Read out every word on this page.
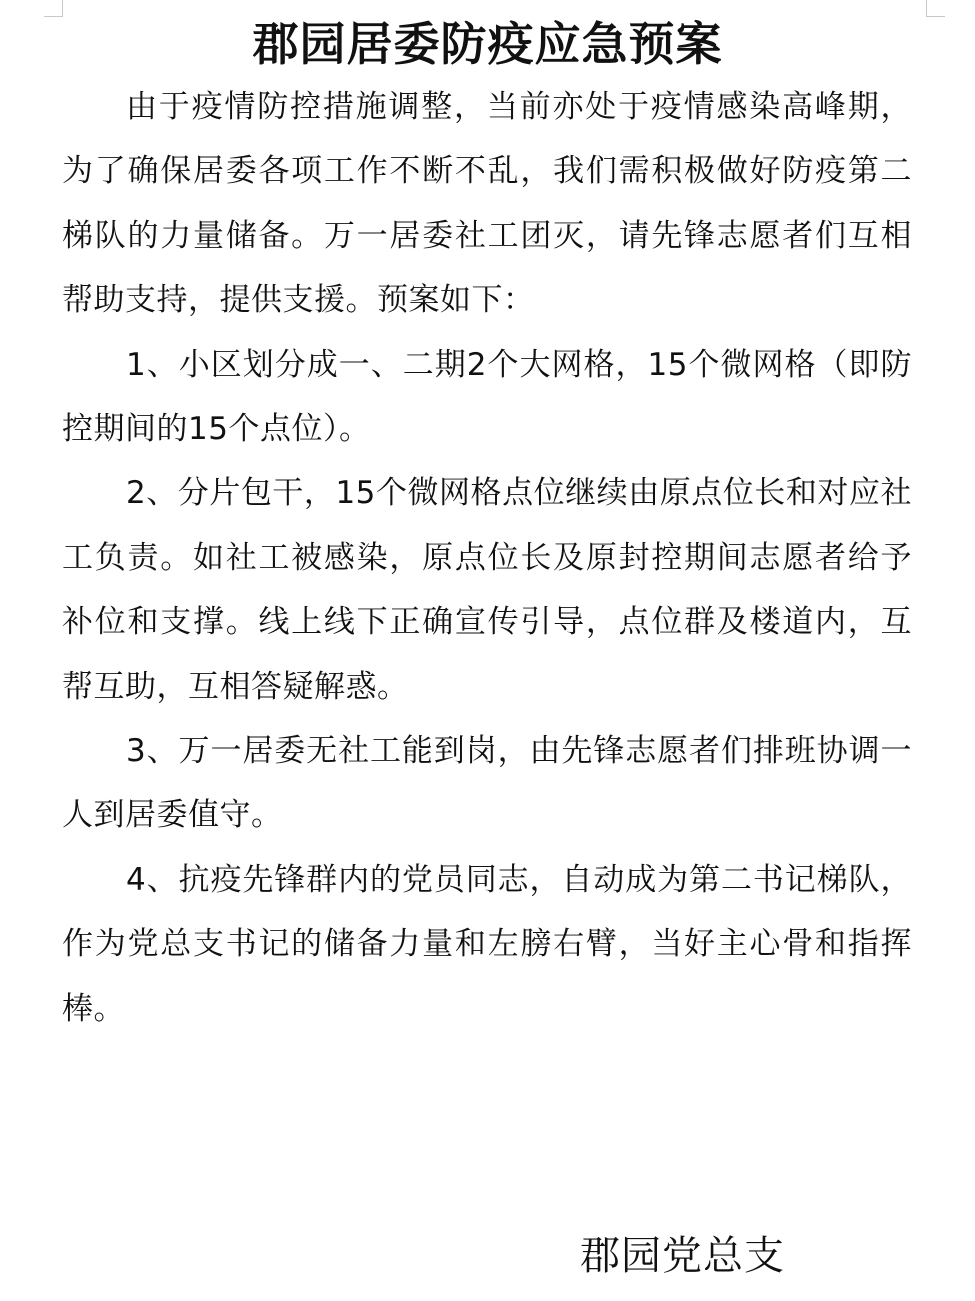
郡园居委防疫应急预案

由于疫情防控措施调整，当前亦处于疫情感染高峰期，为了确保居委各项工作不断不乱，我们需积极做好防疫第二梯队的力量储备。万一居委社工团灭，请先锋志愿者们互相帮助支持，提供支援。预案如下：

1、小区划分成一、二期2个大网格，15个微网格（即防控期间的15个点位）。

2、分片包干，15个微网格点位继续由原点位长和对应社工负责。如社工被感染，原点位长及原封控期间志愿者给予补位和支撑。线上线下正确宣传引导，点位群及楼道内，互帮互助，互相答疑解惑。

3、万一居委无社工能到岗，由先锋志愿者们排班协调一人到居委值守。

4、抗疫先锋群内的党员同志，自动成为第二书记梯队，作为党总支书记的储备力量和左膀右臂，当好主心骨和指挥棒。

郡园党总支
